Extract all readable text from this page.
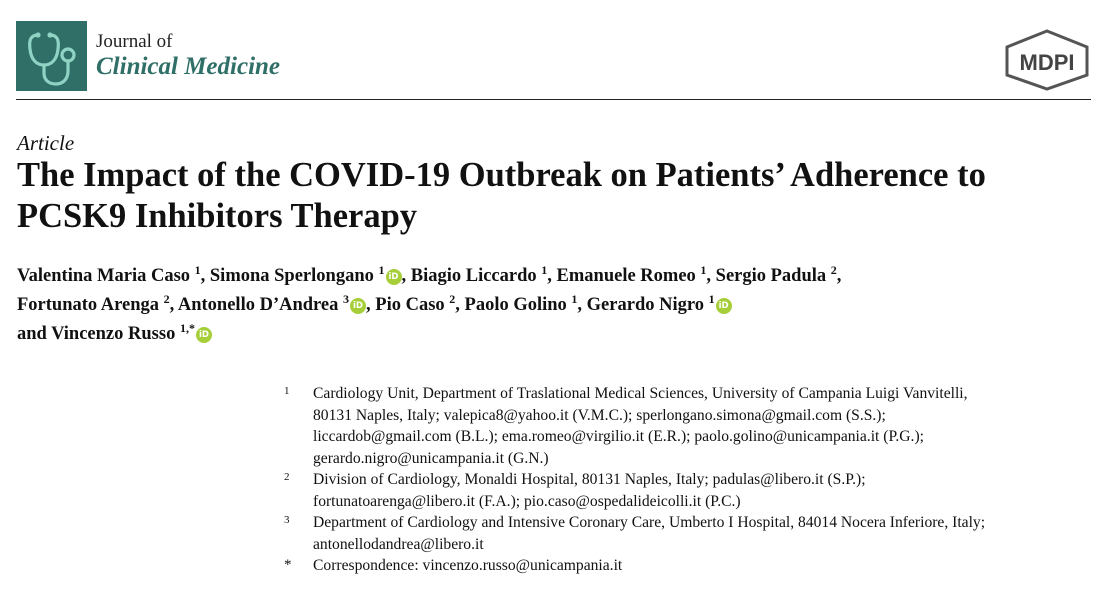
Journal of
Clinical Medicine	MDPI
Article
The Impact of the COVID-19 Outbreak on Patients’ Adherence to PCSK9 Inhibitors Therapy
Valentina Maria Caso $^1$, Simona Sperlongano $^1$ iD , Biagio Liccardo $^1$, Emanuele Romeo $^1$, Sergio Padula $^2$,
Fortunato Arenga $^2$, Antonello D’Andrea $^3$ iD , Pio Caso $^2$, Paolo Golino $^1$, Gerardo Nigro $^1$ iD
and Vincenzo Russo $^{1,*}$ iD
1 Cardiology Unit, Department of Traslational Medical Sciences, University of Campania Luigi Vanvitelli,
80131 Naples, Italy; valepica8@yahoo.it (V.M.C.); sperlongano.simona@gmail.com (S.S.);
liccardob@gmail.com (B.L.); ema.romeo@virgilio.it (E.R.); paolo.golino@unicampania.it (P.G.);
gerardo.nigro@unicampania.it (G.N.)
2 Division of Cardiology, Monaldi Hospital, 80131 Naples, Italy; padulas@libero.it (S.P.);
fortunatoarenga@libero.it (F.A.); pio.caso@ospedalideicolli.it (P.C.)
3 Department of Cardiology and Intensive Coronary Care, Umberto I Hospital, 84014 Nocera Inferiore, Italy;
antonellodandrea@libero.it
* Correspondence: vincenzo.russo@unicampania.it
